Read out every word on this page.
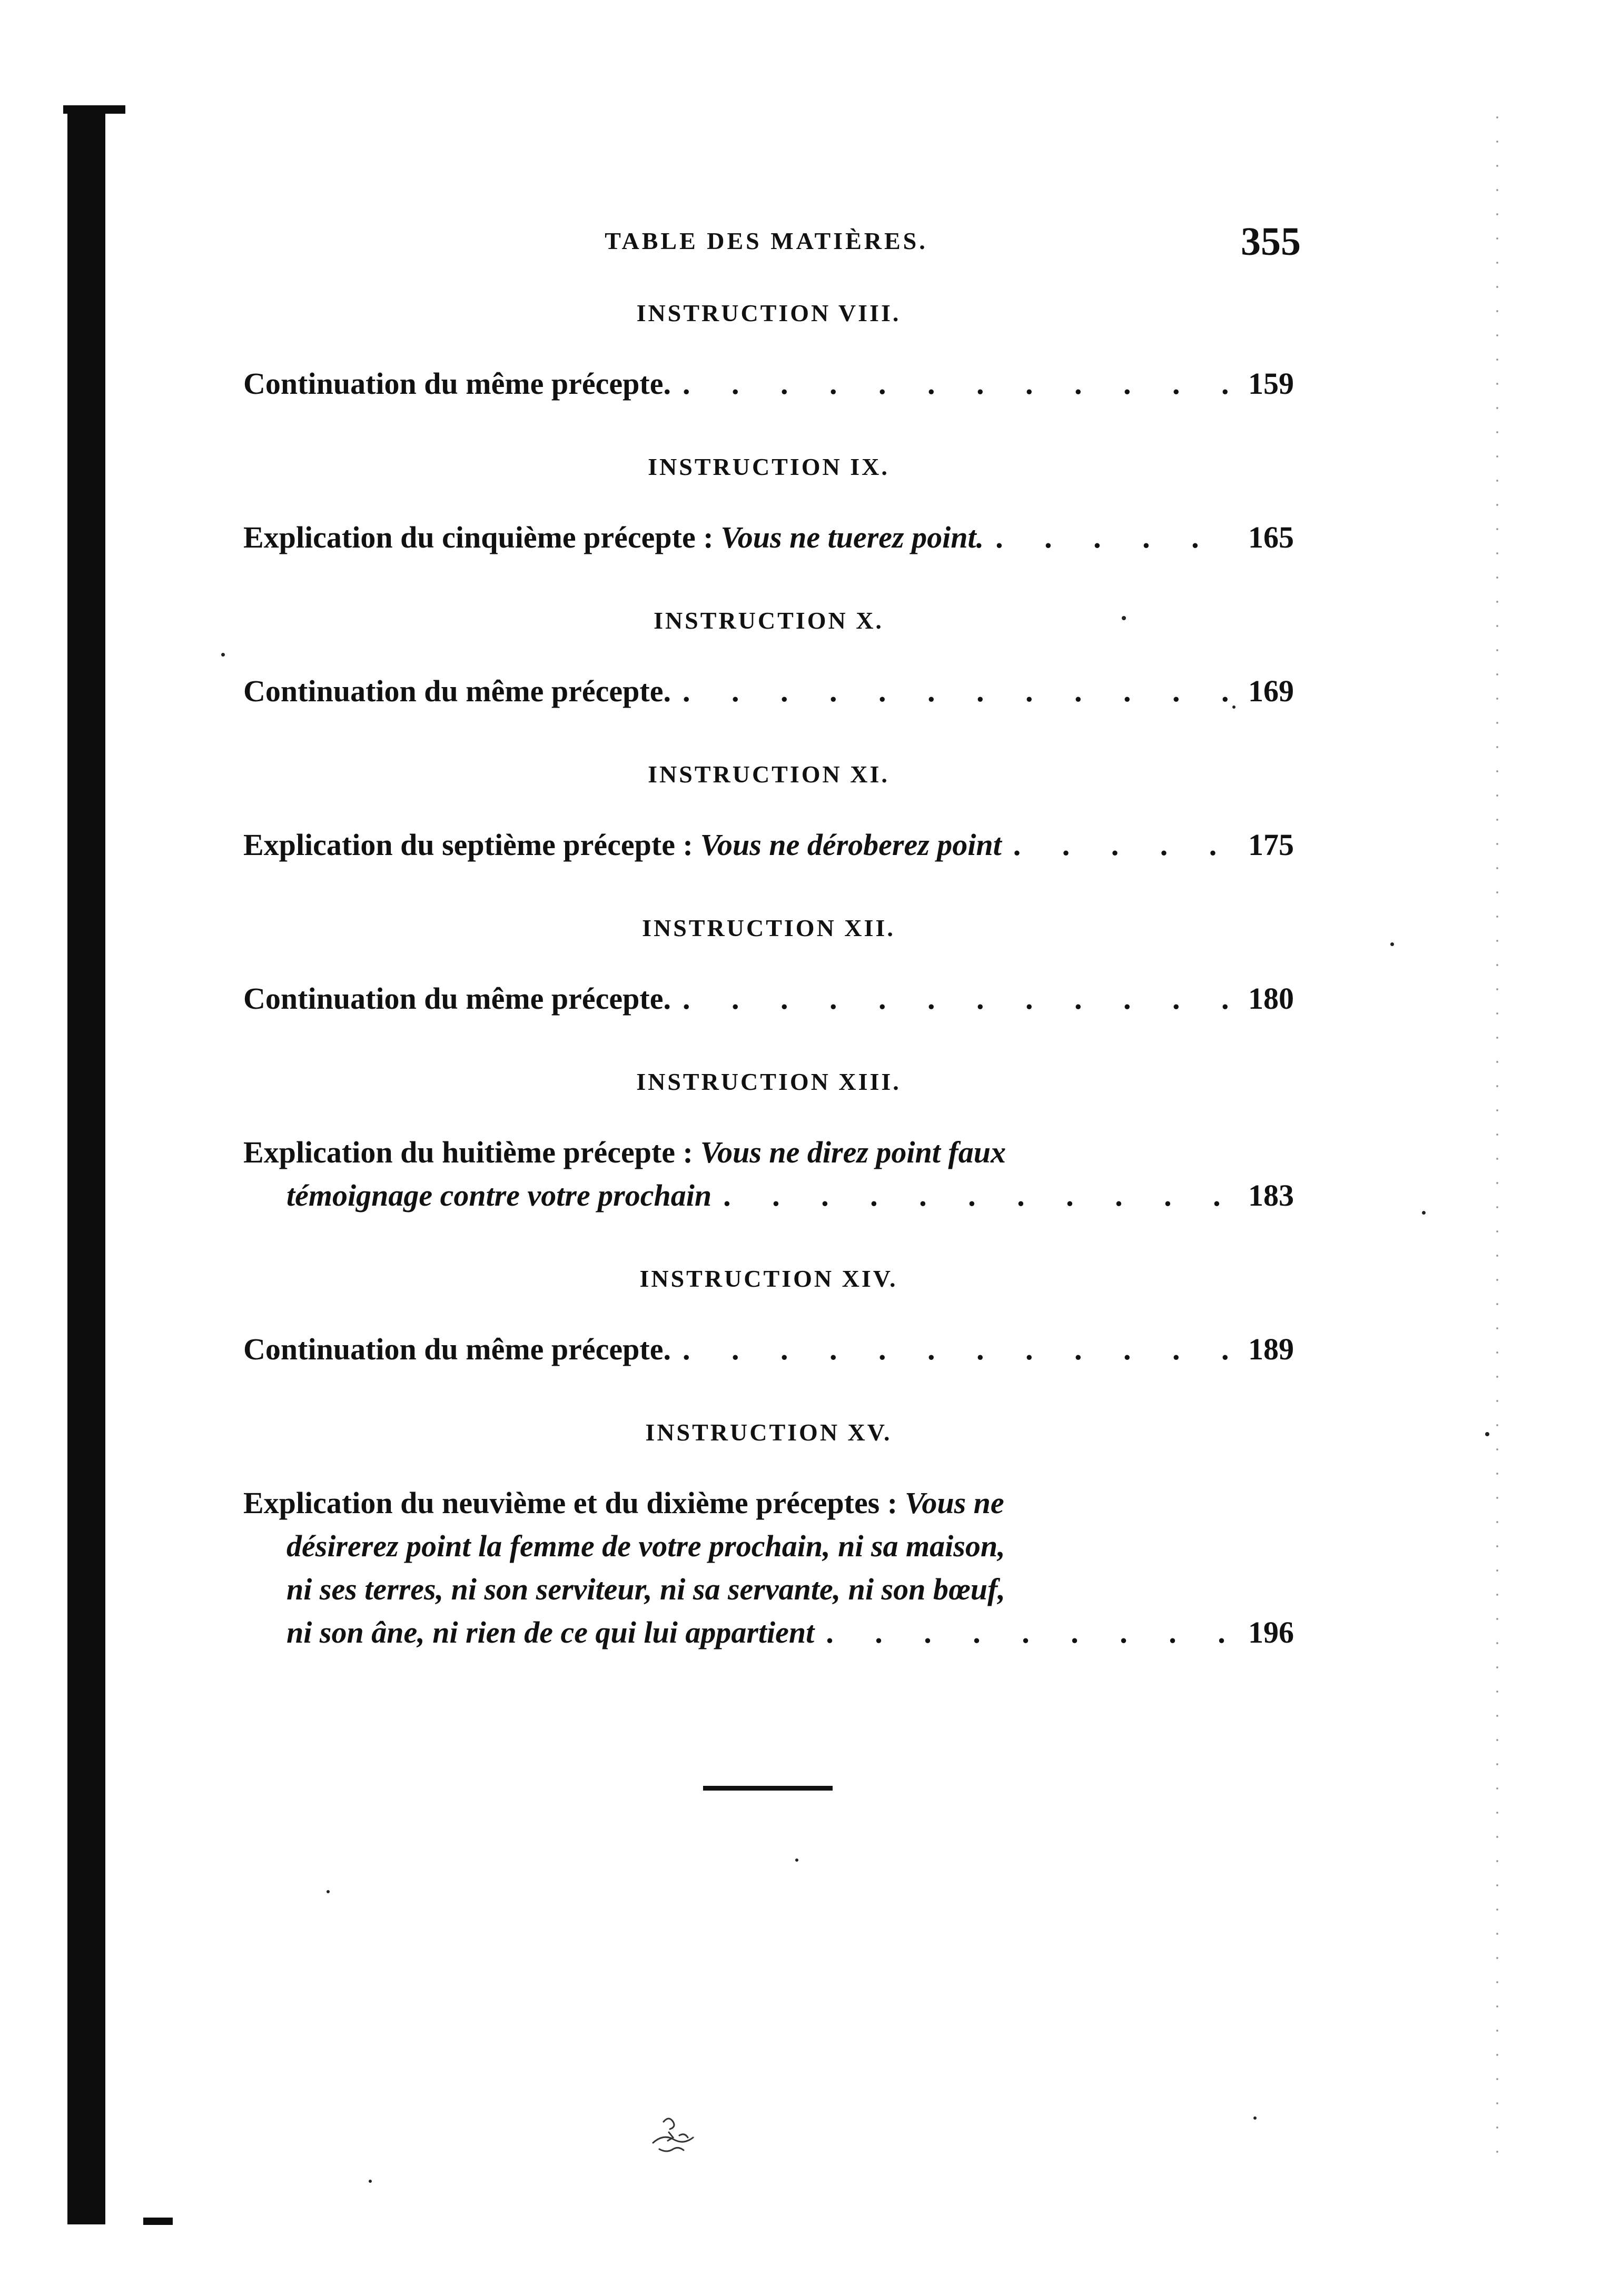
TABLE DES MATIÈRES.	355
INSTRUCTION VIII.
Continuation du même précepte. . . .	159
INSTRUCTION IX.
Explication du cinquième précepte : Vous ne tuerez point. . . .	165
INSTRUCTION X.
Continuation du même précepte. . . .	169
INSTRUCTION XI.
Explication du septième précepte : Vous ne déroberez point . . .	175
INSTRUCTION XII.
Continuation du même précepte. . . .	180
INSTRUCTION XIII.
Explication du huitième précepte : Vous ne direz point faux
témoignage contre votre prochain . . .	183
INSTRUCTION XIV.
Continuation du même précepte. . . .	189
INSTRUCTION XV.
Explication du neuvième et du dixième préceptes : Vous ne
désirerez point la femme de votre prochain, ni sa maison,
ni ses terres, ni son serviteur, ni sa servante, ni son bœuf,
ni son âne, ni rien de ce qui lui appartient . . .	196
